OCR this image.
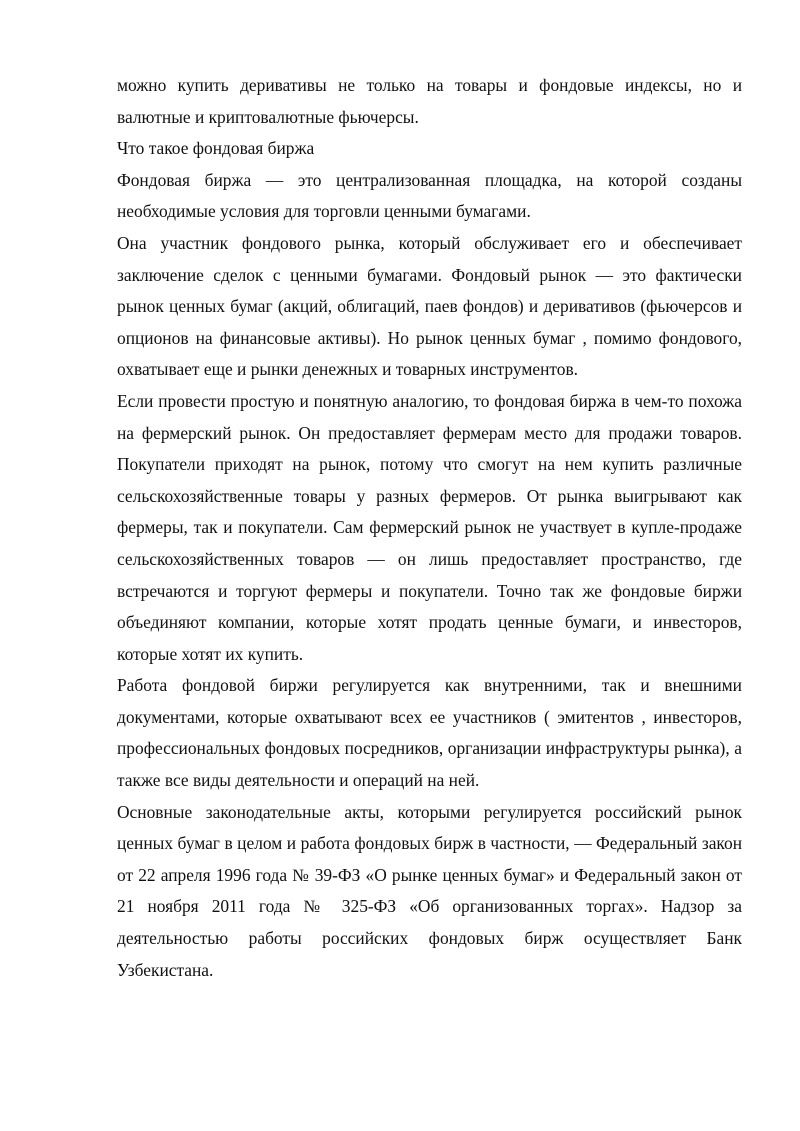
можно купить деривативы не только на товары и фондовые индексы, но и валютные и криптовалютные фьючерсы.

Что такое фондовая биржа

Фондовая биржа — это централизованная площадка, на которой созданы необходимые условия для торговли ценными бумагами.

Она участник фондового рынка, который обслуживает его и обеспечивает заключение сделок с ценными бумагами. Фондовый рынок — это фактически рынок ценных бумаг (акций, облигаций, паев фондов) и деривативов (фьючерсов и опционов на финансовые активы). Но рынок ценных бумаг , помимо фондового, охватывает еще и рынки денежных и товарных инструментов.

Если провести простую и понятную аналогию, то фондовая биржа в чем-то похожа на фермерский рынок. Он предоставляет фермерам место для продажи товаров. Покупатели приходят на рынок, потому что смогут на нем купить различные сельскохозяйственные товары у разных фермеров. От рынка выигрывают как фермеры, так и покупатели. Сам фермерский рынок не участвует в купле-продаже сельскохозяйственных товаров — он лишь предоставляет пространство, где встречаются и торгуют фермеры и покупатели. Точно так же фондовые биржи объединяют компании, которые хотят продать ценные бумаги, и инвесторов, которые хотят их купить.

Работа фондовой биржи регулируется как внутренними, так и внешними документами, которые охватывают всех ее участников ( эмитентов , инвесторов, профессиональных фондовых посредников, организации инфраструктуры рынка), а также все виды деятельности и операций на ней.

Основные законодательные акты, которыми регулируется российский рынок ценных бумаг в целом и работа фондовых бирж в частности, — Федеральный закон от 22 апреля 1996 года № 39-ФЗ «О рынке ценных бумаг» и Федеральный закон от 21 ноября 2011 года № 325-ФЗ «Об организованных торгах». Надзор за деятельностью работы российских фондовых бирж осуществляет Банк Узбекистана.
